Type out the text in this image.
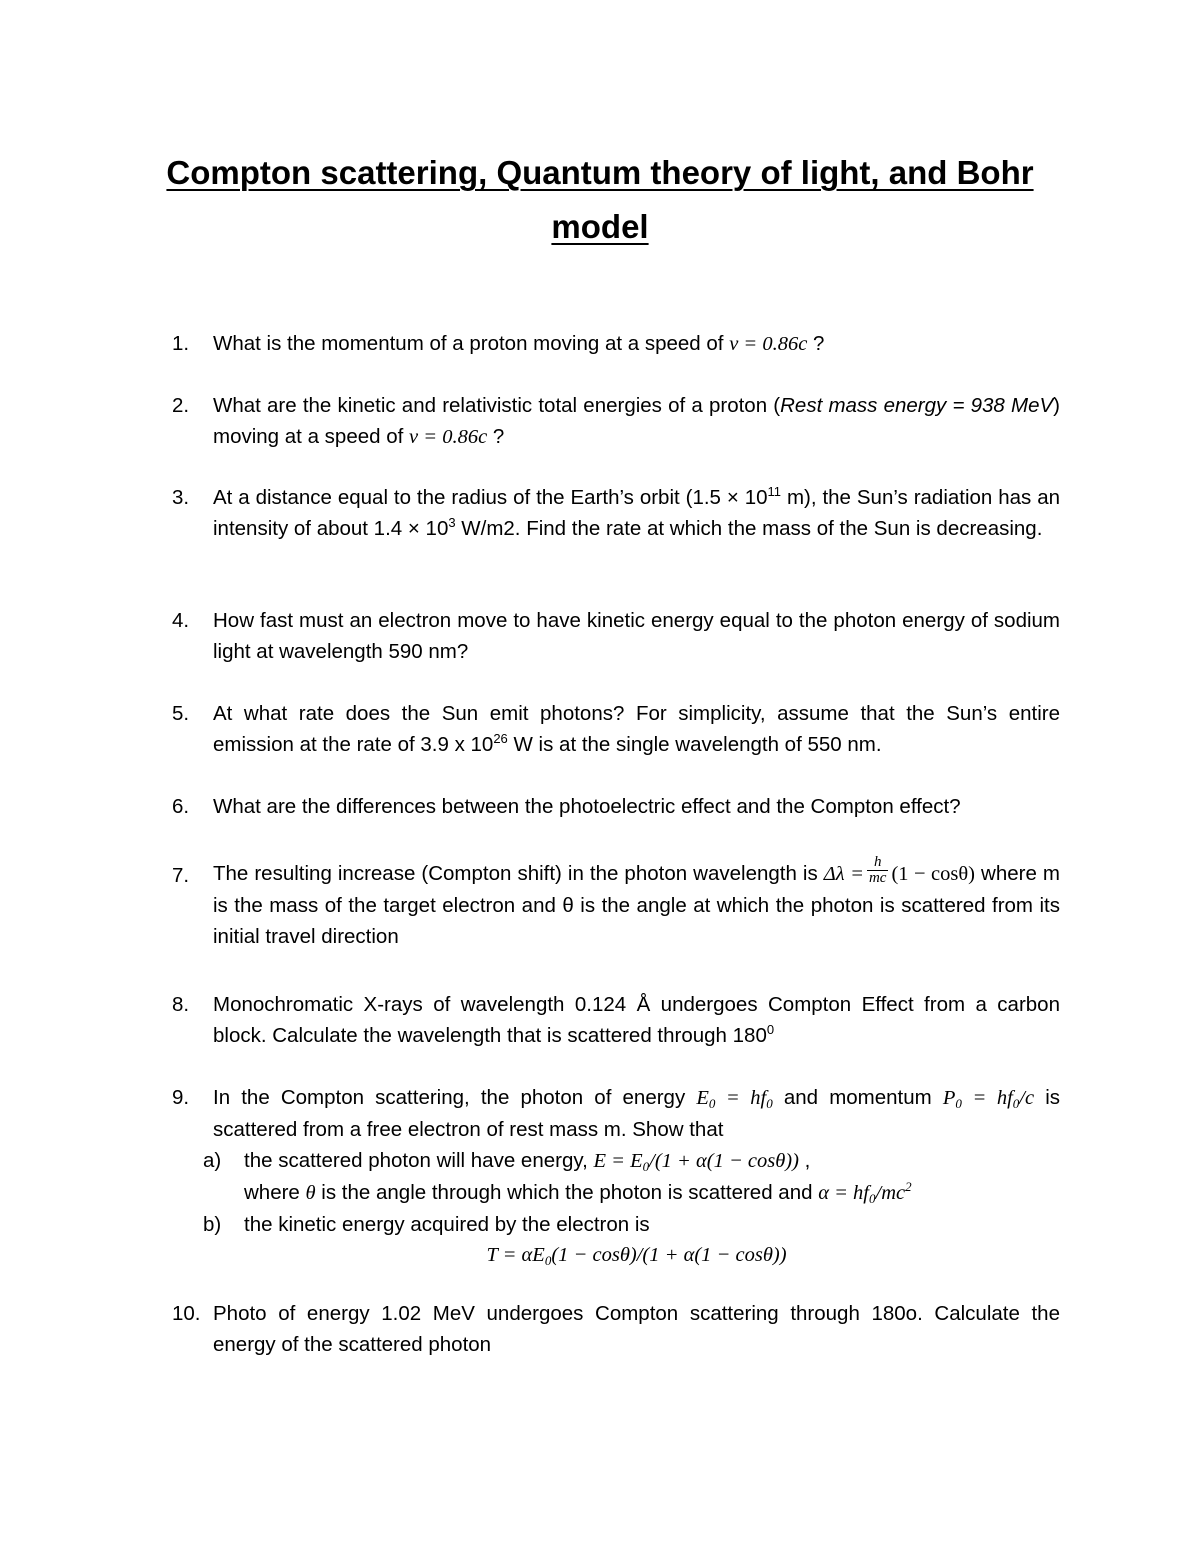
Compton scattering, Quantum theory of light, and Bohr model
1.	What is the momentum of a proton moving at a speed of v = 0.86c ?
2.	What are the kinetic and relativistic total energies of a proton (Rest mass energy = 938 MeV) moving at a speed of v = 0.86c ?
3.	At a distance equal to the radius of the Earth’s orbit ($1.5 \times 10^{11}$ m), the Sun’s radiation has an intensity of about $1.4 \times 10^3$ W/m2. Find the rate at which the mass of the Sun is decreasing.
4.	How fast must an electron move to have kinetic energy equal to the photon energy of sodium light at wavelength 590 nm?
5.	At what rate does the Sun emit photons? For simplicity, assume that the Sun’s entire emission at the rate of 3.9 x $10^{26}$ W is at the single wavelength of 550 nm.
6.	What are the differences between the photoelectric effect and the Compton effect?
7.	The resulting increase (Compton shift) in the photon wavelength is $\Delta\lambda = \frac{h}{mc} (1 - \cos\theta)$ where m is the mass of the target electron and θ is the angle at which the photon is scattered from its initial travel direction
8.	Monochromatic X-rays of wavelength 0.124 Å undergoes Compton Effect from a carbon block. Calculate the wavelength that is scattered through $180^0$
9.	In the Compton scattering, the photon of energy $E_0 = hf_0$ and momentum $P_0 = hf_0/c$ is scattered from a free electron of rest mass m. Show that
a) the scattered photon will have energy, $E = E_0/(1 + \alpha(1 - \cos\theta))$ ,
where θ is the angle through which the photon is scattered and $\alpha = hf_0/mc^2$
b) the kinetic energy acquired by the electron is
$T = \alpha E_0(1 - \cos\theta)/(1 + \alpha(1 - \cos\theta))$
10. Photo of energy 1.02 MeV undergoes Compton scattering through 180o. Calculate the energy of the scattered photon
